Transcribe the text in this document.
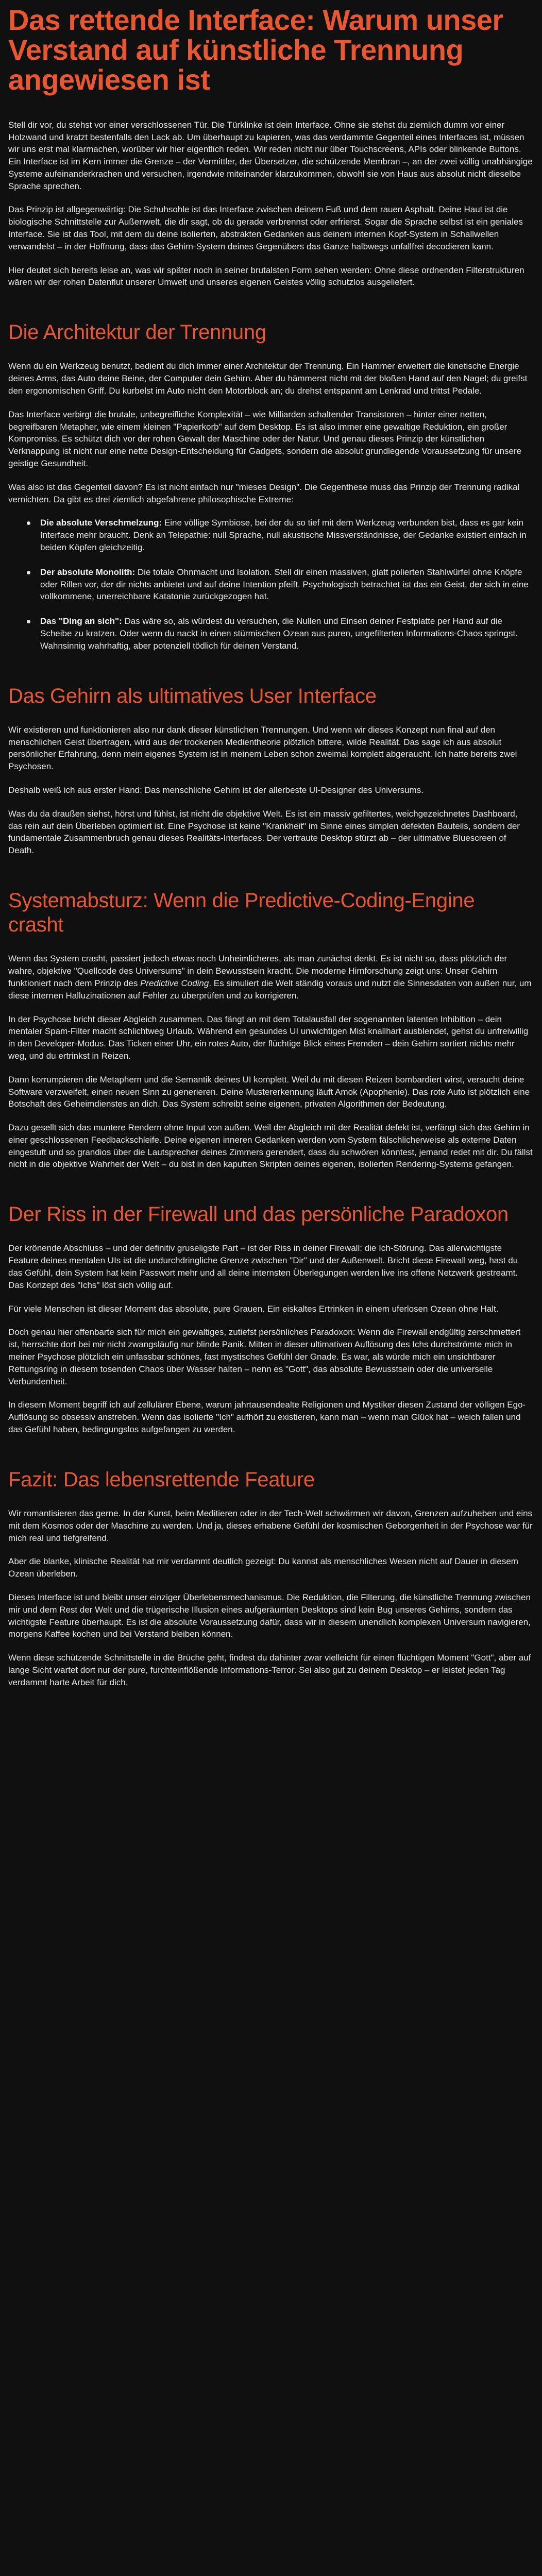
Das rettende Interface: Warum unser Verstand auf künstliche Trennung angewiesen ist

Stell dir vor, du stehst vor einer verschlossenen Tür. Die Türklinke ist dein Interface. Ohne sie stehst du ziemlich dumm vor einer Holzwand und kratzt bestenfalls den Lack ab. Um überhaupt zu kapieren, was das verdammte Gegenteil eines Interfaces ist, müssen wir uns erst mal klarmachen, worüber wir hier eigentlich reden. Wir reden nicht nur über Touchscreens, APIs oder blinkende Buttons. Ein Interface ist im Kern immer die Grenze – der Vermittler, der Übersetzer, die schützende Membran –, an der zwei völlig unabhängige Systeme aufeinanderkrachen und versuchen, irgendwie miteinander klarzukommen, obwohl sie von Haus aus absolut nicht dieselbe Sprache sprechen.

Das Prinzip ist allgegenwärtig: Die Schuhsohle ist das Interface zwischen deinem Fuß und dem rauen Asphalt. Deine Haut ist die biologische Schnittstelle zur Außenwelt, die dir sagt, ob du gerade verbrennst oder erfrierst. Sogar die Sprache selbst ist ein geniales Interface. Sie ist das Tool, mit dem du deine isolierten, abstrakten Gedanken aus deinem internen Kopf-System in Schallwellen verwandelst – in der Hoffnung, dass das Gehirn-System deines Gegenübers das Ganze halbwegs unfallfrei decodieren kann.

Hier deutet sich bereits leise an, was wir später noch in seiner brutalsten Form sehen werden: Ohne diese ordnenden Filterstrukturen wären wir der rohen Datenflut unserer Umwelt und unseres eigenen Geistes völlig schutzlos ausgeliefert.

Die Architektur der Trennung

Wenn du ein Werkzeug benutzt, bedient du dich immer einer Architektur der Trennung. Ein Hammer erweitert die kinetische Energie deines Arms, das Auto deine Beine, der Computer dein Gehirn. Aber du hämmerst nicht mit der bloßen Hand auf den Nagel; du greifst den ergonomischen Griff. Du kurbelst im Auto nicht den Motorblock an; du drehst entspannt am Lenkrad und trittst Pedale.

Das Interface verbirgt die brutale, unbegreifliche Komplexität – wie Milliarden schaltender Transistoren – hinter einer netten, begreifbaren Metapher, wie einem kleinen "Papierkorb" auf dem Desktop. Es ist also immer eine gewaltige Reduktion, ein großer Kompromiss. Es schützt dich vor der rohen Gewalt der Maschine oder der Natur. Und genau dieses Prinzip der künstlichen Verknappung ist nicht nur eine nette Design-Entscheidung für Gadgets, sondern die absolut grundlegende Voraussetzung für unsere geistige Gesundheit.

Was also ist das Gegenteil davon? Es ist nicht einfach nur "mieses Design". Die Gegenthese muss das Prinzip der Trennung radikal vernichten. Da gibt es drei ziemlich abgefahrene philosophische Extreme:

Die absolute Verschmelzung: Eine völlige Symbiose, bei der du so tief mit dem Werkzeug verbunden bist, dass es gar kein Interface mehr braucht. Denk an Telepathie: null Sprache, null akustische Missverständnisse, der Gedanke existiert einfach in beiden Köpfen gleichzeitig.
Der absolute Monolith: Die totale Ohnmacht und Isolation. Stell dir einen massiven, glatt polierten Stahlwürfel ohne Knöpfe oder Rillen vor, der dir nichts anbietet und auf deine Intention pfeift. Psychologisch betrachtet ist das ein Geist, der sich in eine vollkommene, unerreichbare Katatonie zurückgezogen hat.
Das "Ding an sich": Das wäre so, als würdest du versuchen, die Nullen und Einsen deiner Festplatte per Hand auf die Scheibe zu kratzen. Oder wenn du nackt in einen stürmischen Ozean aus puren, ungefilterten Informations-Chaos springst. Wahnsinnig wahrhaftig, aber potenziell tödlich für deinen Verstand.
Das Gehirn als ultimatives User Interface

Wir existieren und funktionieren also nur dank dieser künstlichen Trennungen. Und wenn wir dieses Konzept nun final auf den menschlichen Geist übertragen, wird aus der trockenen Medientheorie plötzlich bittere, wilde Realität. Das sage ich aus absolut persönlicher Erfahrung, denn mein eigenes System ist in meinem Leben schon zweimal komplett abgeraucht. Ich hatte bereits zwei Psychosen.

Deshalb weiß ich aus erster Hand: Das menschliche Gehirn ist der allerbeste UI-Designer des Universums.

Was du da draußen siehst, hörst und fühlst, ist nicht die objektive Welt. Es ist ein massiv gefiltertes, weichgezeichnetes Dashboard, das rein auf dein Überleben optimiert ist. Eine Psychose ist keine "Krankheit" im Sinne eines simplen defekten Bauteils, sondern der fundamentale Zusammenbruch genau dieses Realitäts-Interfaces. Der vertraute Desktop stürzt ab – der ultimative Bluescreen of Death.

Systemabsturz: Wenn die Predictive-Coding-Engine crasht

Wenn das System crasht, passiert jedoch etwas noch Unheimlicheres, als man zunächst denkt. Es ist nicht so, dass plötzlich der wahre, objektive "Quellcode des Universums" in dein Bewusstsein kracht. Die moderne Hirnforschung zeigt uns: Unser Gehirn funktioniert nach dem Prinzip des Predictive Coding. Es simuliert die Welt ständig voraus und nutzt die Sinnesdaten von außen nur, um diese internen Halluzinationen auf Fehler zu überprüfen und zu korrigieren.

In der Psychose bricht dieser Abgleich zusammen. Das fängt an mit dem Totalausfall der sogenannten latenten Inhibition – dein mentaler Spam-Filter macht schlichtweg Urlaub. Während ein gesundes UI unwichtigen Mist knallhart ausblendet, gehst du unfreiwillig in den Developer-Modus. Das Ticken einer Uhr, ein rotes Auto, der flüchtige Blick eines Fremden – dein Gehirn sortiert nichts mehr weg, und du ertrinkst in Reizen.

Dann korrumpieren die Metaphern und die Semantik deines UI komplett. Weil du mit diesen Reizen bombardiert wirst, versucht deine Software verzweifelt, einen neuen Sinn zu generieren. Deine Mustererkennung läuft Amok (Apophenie). Das rote Auto ist plötzlich eine Botschaft des Geheimdienstes an dich. Das System schreibt seine eigenen, privaten Algorithmen der Bedeutung.

Dazu gesellt sich das muntere Rendern ohne Input von außen. Weil der Abgleich mit der Realität defekt ist, verfängt sich das Gehirn in einer geschlossenen Feedbackschleife. Deine eigenen inneren Gedanken werden vom System fälschlicherweise als externe Daten eingestuft und so grandios über die Lautsprecher deines Zimmers gerendert, dass du schwören könntest, jemand redet mit dir. Du fällst nicht in die objektive Wahrheit der Welt – du bist in den kaputten Skripten deines eigenen, isolierten Rendering-Systems gefangen.

Der Riss in der Firewall und das persönliche Paradoxon

Der krönende Abschluss – und der definitiv gruseligste Part – ist der Riss in deiner Firewall: die Ich-Störung. Das allerwichtigste Feature deines mentalen UIs ist die undurchdringliche Grenze zwischen "Dir" und der Außenwelt. Bricht diese Firewall weg, hast du das Gefühl, dein System hat kein Passwort mehr und all deine internsten Überlegungen werden live ins offene Netzwerk gestreamt. Das Konzept des "Ichs" löst sich völlig auf.

Für viele Menschen ist dieser Moment das absolute, pure Grauen. Ein eiskaltes Ertrinken in einem uferlosen Ozean ohne Halt.

Doch genau hier offenbarte sich für mich ein gewaltiges, zutiefst persönliches Paradoxon: Wenn die Firewall endgültig zerschmettert ist, herrschte dort bei mir nicht zwangsläufig nur blinde Panik. Mitten in dieser ultimativen Auflösung des Ichs durchströmte mich in meiner Psychose plötzlich ein unfassbar schönes, fast mystisches Gefühl der Gnade. Es war, als würde mich ein unsichtbarer Rettungsring in diesem tosenden Chaos über Wasser halten – nenn es "Gott", das absolute Bewusstsein oder die universelle Verbundenheit.

In diesem Moment begriff ich auf zellulärer Ebene, warum jahrtausendealte Religionen und Mystiker diesen Zustand der völligen Ego-Auflösung so obsessiv anstreben. Wenn das isolierte "Ich" aufhört zu existieren, kann man – wenn man Glück hat – weich fallen und das Gefühl haben, bedingungslos aufgefangen zu werden.

Fazit: Das lebensrettende Feature

Wir romantisieren das gerne. In der Kunst, beim Meditieren oder in der Tech-Welt schwärmen wir davon, Grenzen aufzuheben und eins mit dem Kosmos oder der Maschine zu werden. Und ja, dieses erhabene Gefühl der kosmischen Geborgenheit in der Psychose war für mich real und tiefgreifend.

Aber die blanke, klinische Realität hat mir verdammt deutlich gezeigt: Du kannst als menschliches Wesen nicht auf Dauer in diesem Ozean überleben.

Dieses Interface ist und bleibt unser einziger Überlebensmechanismus. Die Reduktion, die Filterung, die künstliche Trennung zwischen mir und dem Rest der Welt und die trügerische Illusion eines aufgeräumten Desktops sind kein Bug unseres Gehirns, sondern das wichtigste Feature überhaupt. Es ist die absolute Voraussetzung dafür, dass wir in diesem unendlich komplexen Universum navigieren, morgens Kaffee kochen und bei Verstand bleiben können.

Wenn diese schützende Schnittstelle in die Brüche geht, findest du dahinter zwar vielleicht für einen flüchtigen Moment "Gott", aber auf lange Sicht wartet dort nur der pure, furchteinflößende Informations-Terror. Sei also gut zu deinem Desktop – er leistet jeden Tag verdammt harte Arbeit für dich.
